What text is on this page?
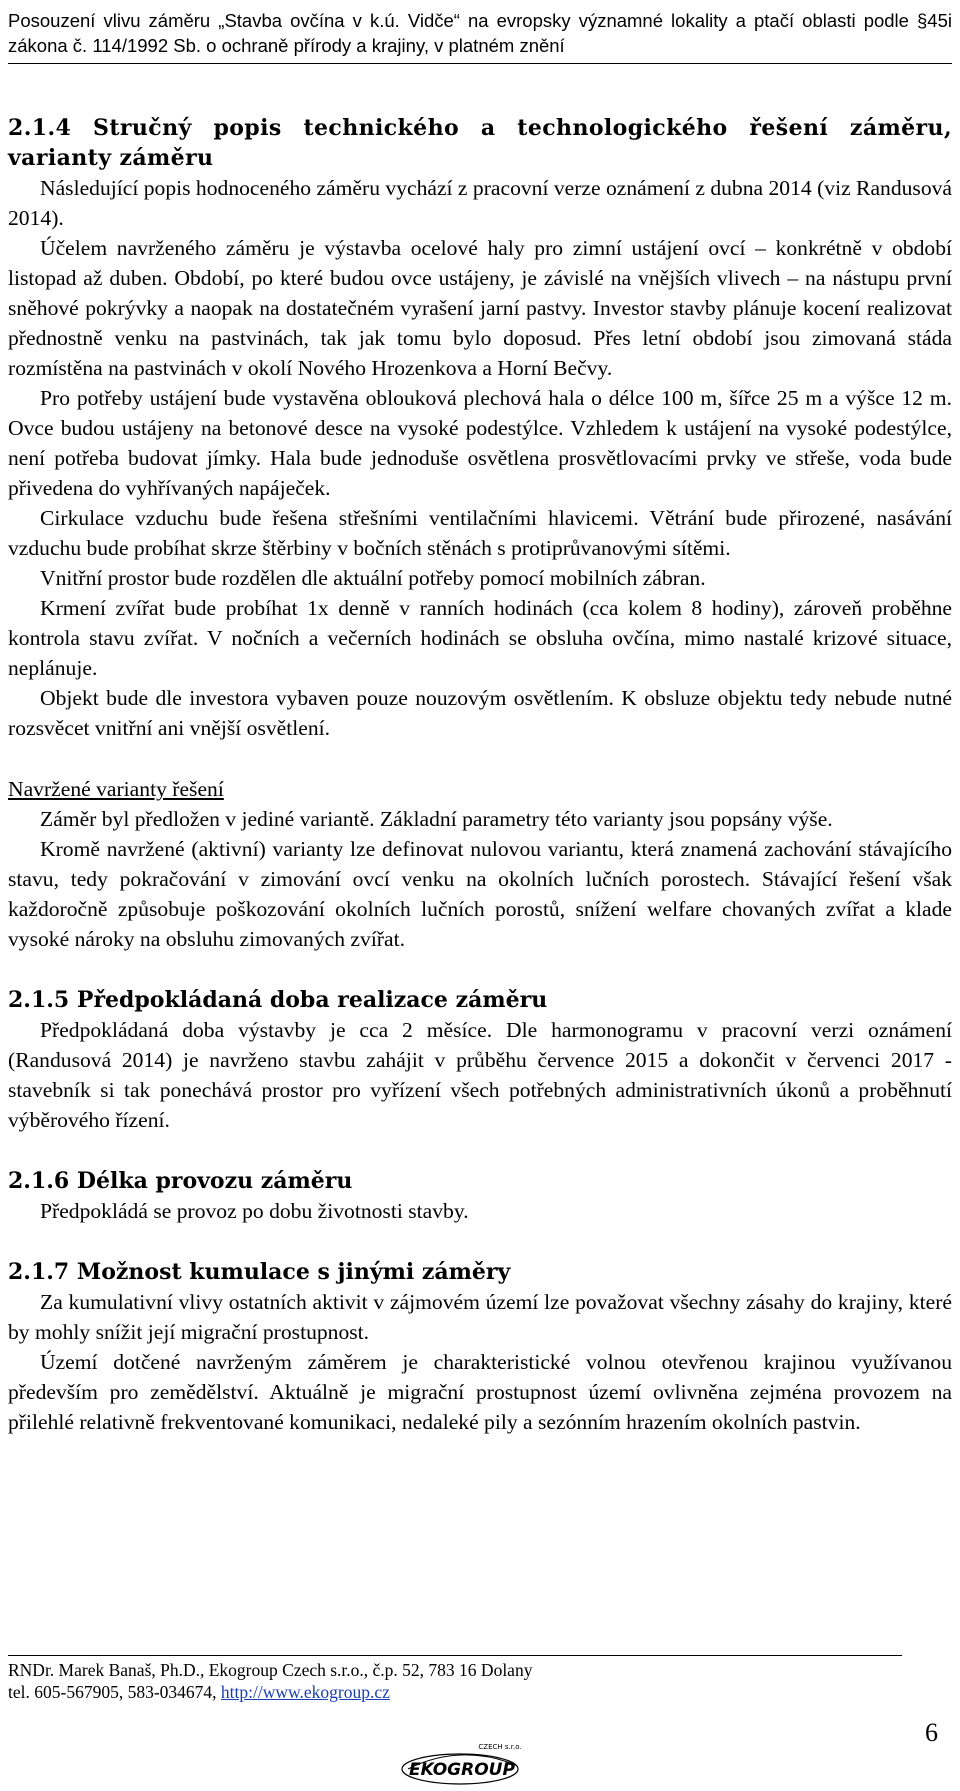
Posouzení vlivu záměru „Stavba ovčína v k.ú. Vidče“ na evropsky významné lokality a ptačí oblasti podle §45i zákona č. 114/1992 Sb. o ochraně přírody a krajiny, v platném znění
2.1.4 Stručný popis technického a technologického řešení záměru, varianty záměru

Následující popis hodnoceného záměru vychází z pracovní verze oznámení z dubna 2014 (viz Randusová 2014).

Účelem navrženého záměru je výstavba ocelové haly pro zimní ustájení ovcí – konkrétně v období listopad až duben. Období, po které budou ovce ustájeny, je závislé na vnějších vlivech – na nástupu první sněhové pokrývky a naopak na dostatečném vyrašení jarní pastvy. Investor stavby plánuje kocení realizovat přednostně venku na pastvinách, tak jak tomu bylo doposud. Přes letní období jsou zimovaná stáda rozmístěna na pastvinách v okolí Nového Hrozenkova a Horní Bečvy.

Pro potřeby ustájení bude vystavěna oblouková plechová hala o délce 100 m, šířce 25 m a výšce 12 m. Ovce budou ustájeny na betonové desce na vysoké podestýlce. Vzhledem k ustájení na vysoké podestýlce, není potřeba budovat jímky. Hala bude jednoduše osvětlena prosvětlovacími prvky ve střeše, voda bude přivedena do vyhřívaných napáječek.

Cirkulace vzduchu bude řešena střešními ventilačními hlavicemi. Větrání bude přirozené, nasávání vzduchu bude probíhat skrze štěrbiny v bočních stěnách s protiprůvanovými sítěmi.

Vnitřní prostor bude rozdělen dle aktuální potřeby pomocí mobilních zábran.

Krmení zvířat bude probíhat 1x denně v ranních hodinách (cca kolem 8 hodiny), zároveň proběhne kontrola stavu zvířat. V nočních a večerních hodinách se obsluha ovčína, mimo nastalé krizové situace, neplánuje.

Objekt bude dle investora vybaven pouze nouzovým osvětlením. K obsluze objektu tedy nebude nutné rozsvěcet vnitřní ani vnější osvětlení.

Navržené varianty řešení

Záměr byl předložen v jediné variantě. Základní parametry této varianty jsou popsány výše.

Kromě navržené (aktivní) varianty lze definovat nulovou variantu, která znamená zachování stávajícího stavu, tedy pokračování v zimování ovcí venku na okolních lučních porostech. Stávající řešení však každoročně způsobuje poškozování okolních lučních porostů, snížení welfare chovaných zvířat a klade vysoké nároky na obsluhu zimovaných zvířat.

2.1.5 Předpokládaná doba realizace záměru

Předpokládaná doba výstavby je cca 2 měsíce. Dle harmonogramu v pracovní verzi oznámení (Randusová 2014) je navrženo stavbu zahájit v průběhu července 2015 a dokončit v červenci 2017 - stavebník si tak ponechává prostor pro vyřízení všech potřebných administrativních úkonů a proběhnutí výběrového řízení.

2.1.6 Délka provozu záměru

Předpokládá se provoz po dobu životnosti stavby.

2.1.7 Možnost kumulace s jinými záměry

Za kumulativní vlivy ostatních aktivit v zájmovém území lze považovat všechny zásahy do krajiny, které by mohly snížit její migrační prostupnost.

Území dotčené navrženým záměrem je charakteristické volnou otevřenou krajinou využívanou především pro zemědělství. Aktuálně je migrační prostupnost území ovlivněna zejména provozem na přilehlé relativně frekventované komunikaci, nedaleké pily a sezónním hrazením okolních pastvin.

RNDr. Marek Banaš, Ph.D., Ekogroup Czech s.r.o., č.p. 52, 783 16 Dolany
tel. 605-567905, 583-034674, http://www.ekogroup.cz
6
EKOGROUP
CZECH s.r.o.
